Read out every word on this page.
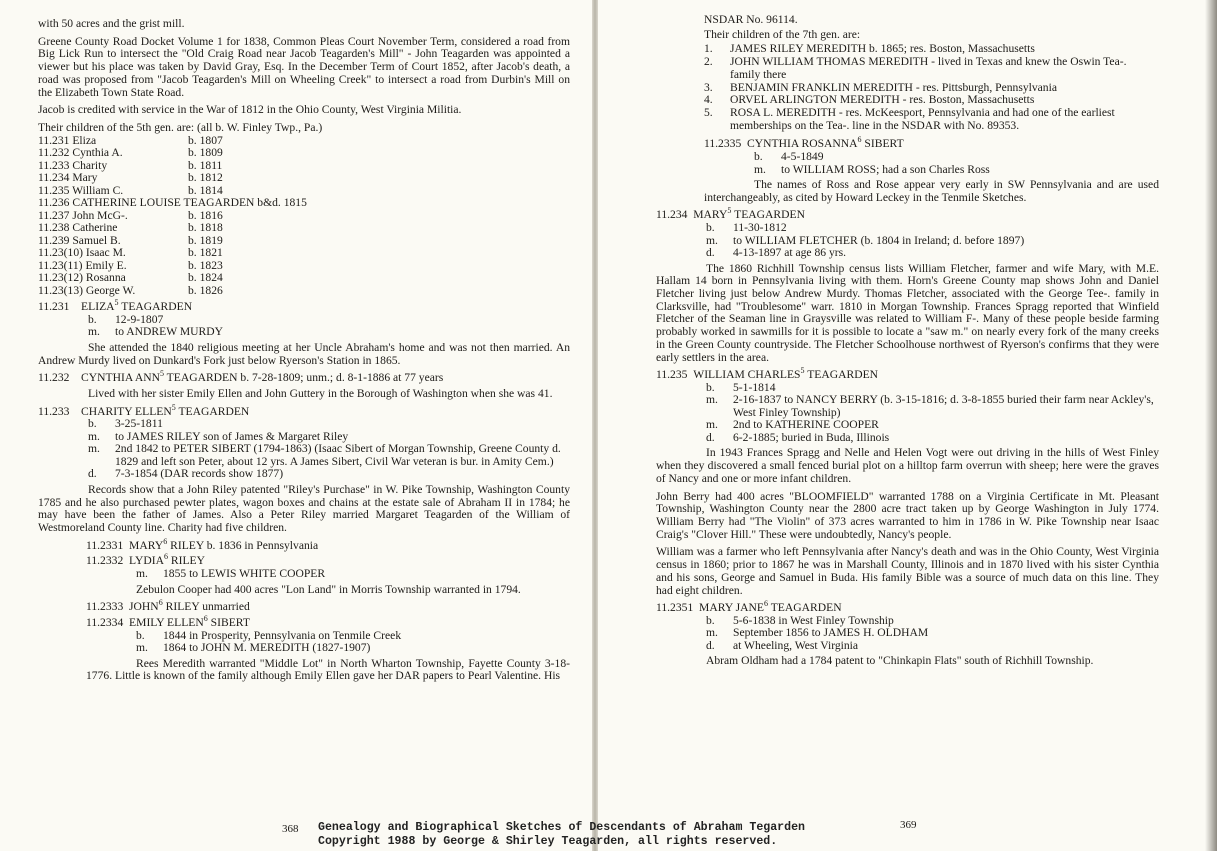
with 50 acres and the grist mill.

Greene County Road Docket Volume 1 for 1838, Common Pleas Court November Term, considered a road from Big Lick Run to intersect the "Old Craig Road near Jacob Teagarden's Mill" - John Teagarden was appointed a viewer but his place was taken by David Gray, Esq. In the December Term of Court 1852, after Jacob's death, a road was proposed from "Jacob Teagarden's Mill on Wheeling Creek" to intersect a road from Durbin's Mill on the Elizabeth Town State Road.

Jacob is credited with service in the War of 1812 in the Ohio County, West Virginia Militia.

Their children of the 5th gen. are: (all b. W. Finley Twp., Pa.)
11.231 Eliza	b. 1807
11.232 Cynthia A.	b. 1809
11.233 Charity	b. 1811
11.234 Mary	b. 1812
11.235 William C.	b. 1814
11.236 CATHERINE LOUISE TEAGARDEN b&d. 1815
11.237 John McG-.	b. 1816
11.238 Catherine	b. 1818
11.239 Samuel B.	b. 1819
11.23(10) Isaac M.	b. 1821
11.23(11) Emily E.	b. 1823
11.23(12) Rosanna	b. 1824
11.23(13) George W.	b. 1826
11.231 ELIZA$^5$ TEAGARDEN
b.	12-9-1807
m.	to ANDREW MURDY

She attended the 1840 religious meeting at her Uncle Abraham's home and was not then married. An Andrew Murdy lived on Dunkard's Fork just below Ryerson's Station in 1865.

11.232 CYNTHIA ANN$^5$ TEAGARDEN b. 7-28-1809; unm.; d. 8-1-1886 at 77 years

Lived with her sister Emily Ellen and John Guttery in the Borough of Washington when she was 41.

11.233 CHARITY ELLEN$^5$ TEAGARDEN
b.	3-25-1811
m.	to JAMES RILEY son of James & Margaret Riley
m.	2nd 1842 to PETER SIBERT (1794-1863) (Isaac Sibert of Morgan Township, Greene County d. 1829 and left son Peter, about 12 yrs. A James Sibert, Civil War veteran is bur. in Amity Cem.)
d.	7-3-1854 (DAR records show 1877)

Records show that a John Riley patented "Riley's Purchase" in W. Pike Township, Washington County 1785 and he also purchased pewter plates, wagon boxes and chains at the estate sale of Abraham II in 1784; he may have been the father of James. Also a Peter Riley married Margaret Teagarden of the William of Westmoreland County line. Charity had five children.

11.2331 MARY$^6$ RILEY b. 1836 in Pennsylvania
11.2332 LYDIA$^6$ RILEY
m.	1855 to LEWIS WHITE COOPER

Zebulon Cooper had 400 acres "Lon Land" in Morris Township warranted in 1794.

11.2333 JOHN$^6$ RILEY unmarried
11.2334 EMILY ELLEN$^6$ SIBERT
b.	1844 in Prosperity, Pennsylvania on Tenmile Creek
m.	1864 to JOHN M. MEREDITH (1827-1907)

Rees Meredith warranted "Middle Lot" in North Wharton Township, Fayette County 3-18-1776. Little is known of the family although Emily Ellen gave her DAR papers to Pearl Valentine. His

368
NSDAR No. 96114.
Their children of the 7th gen. are:
1.	JAMES RILEY MEREDITH b. 1865; res. Boston, Massachusetts
2.	JOHN WILLIAM THOMAS MEREDITH - lived in Texas and knew the Oswin Tea-. family there
3.	BENJAMIN FRANKLIN MEREDITH - res. Pittsburgh, Pennsylvania
4.	ORVEL ARLINGTON MEREDITH - res. Boston, Massachusetts
5.	ROSA L. MEREDITH - res. McKeesport, Pennsylvania and had one of the earliest memberships on the Tea-. line in the NSDAR with No. 89353.
11.2335 CYNTHIA ROSANNA$^6$ SIBERT
b.	4-5-1849
m.	to WILLIAM ROSS; had a son Charles Ross

The names of Ross and Rose appear very early in SW Pennsylvania and are used interchangeably, as cited by Howard Leckey in the Tenmile Sketches.

11.234 MARY$^5$ TEAGARDEN
b.	11-30-1812
m.	to WILLIAM FLETCHER (b. 1804 in Ireland; d. before 1897)
d.	4-13-1897 at age 86 yrs.

The 1860 Richhill Township census lists William Fletcher, farmer and wife Mary, with M.E. Hallam 14 born in Pennsylvania living with them. Horn's Greene County map shows John and Daniel Fletcher living just below Andrew Murdy. Thomas Fletcher, associated with the George Tee-. family in Clarksville, had "Troublesome" warr. 1810 in Morgan Township. Frances Spragg reported that Winfield Fletcher of the Seaman line in Graysville was related to William F-. Many of these people beside farming probably worked in sawmills for it is possible to locate a "saw m." on nearly every fork of the many creeks in the Green County countryside. The Fletcher Schoolhouse northwest of Ryerson's confirms that they were early settlers in the area.

11.235 WILLIAM CHARLES$^5$ TEAGARDEN
b.	5-1-1814
m.	2-16-1837 to NANCY BERRY (b. 3-15-1816; d. 3-8-1855 buried their farm near Ackley's, West Finley Township)
m.	2nd to KATHERINE COOPER
d.	6-2-1885; buried in Buda, Illinois

In 1943 Frances Spragg and Nelle and Helen Vogt were out driving in the hills of West Finley when they discovered a small fenced burial plot on a hilltop farm overrun with sheep; here were the graves of Nancy and one or more infant children.

John Berry had 400 acres "BLOOMFIELD" warranted 1788 on a Virginia Certificate in Mt. Pleasant Township, Washington County near the 2800 acre tract taken up by George Washington in July 1774. William Berry had "The Violin" of 373 acres warranted to him in 1786 in W. Pike Township near Isaac Craig's "Clover Hill." These were undoubtedly, Nancy's people.

William was a farmer who left Pennsylvania after Nancy's death and was in the Ohio County, West Virginia census in 1860; prior to 1867 he was in Marshall County, Illinois and in 1870 lived with his sister Cynthia and his sons, George and Samuel in Buda. His family Bible was a source of much data on this line. They had eight children.

11.2351 MARY JANE$^6$ TEAGARDEN
b.	5-6-1838 in West Finley Township
m.	September 1856 to JAMES H. OLDHAM
d.	at Wheeling, West Virginia

Abram Oldham had a 1784 patent to "Chinkapin Flats" south of Richhill Township.

369
Genealogy and Biographical Sketches of Descendants of Abraham Tegarden
Copyright 1988 by George & Shirley Teagarden, all rights reserved.
